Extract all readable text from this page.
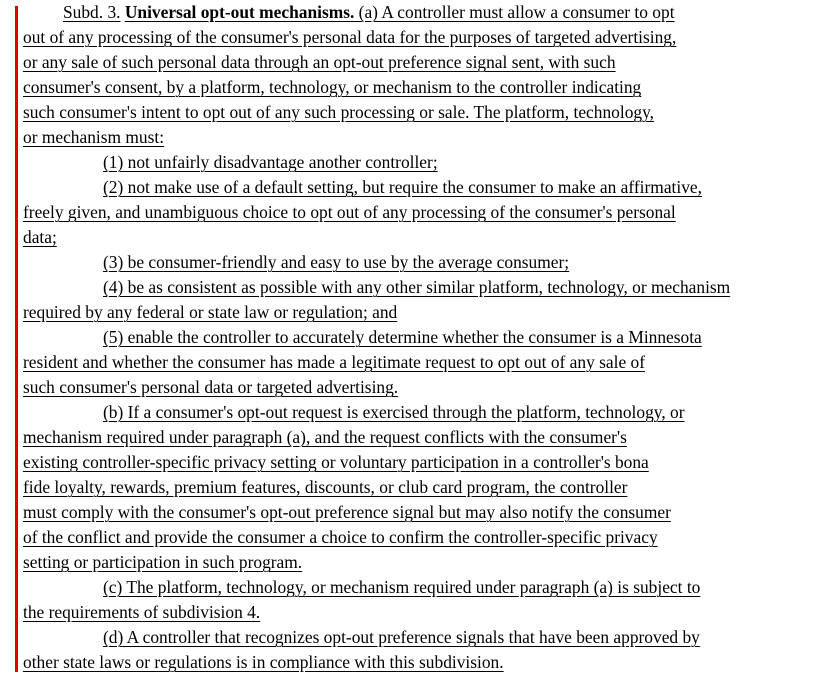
Subd. 3. Universal opt-out mechanisms. (a) A controller must allow a consumer to opt
out of any processing of the consumer's personal data for the purposes of targeted advertising,
or any sale of such personal data through an opt-out preference signal sent, with such
consumer's consent, by a platform, technology, or mechanism to the controller indicating
such consumer's intent to opt out of any such processing or sale. The platform, technology,
or mechanism must:
(1) not unfairly disadvantage another controller;
(2) not make use of a default setting, but require the consumer to make an affirmative,
freely given, and unambiguous choice to opt out of any processing of the consumer's personal
data;
(3) be consumer-friendly and easy to use by the average consumer;
(4) be as consistent as possible with any other similar platform, technology, or mechanism
required by any federal or state law or regulation; and
(5) enable the controller to accurately determine whether the consumer is a Minnesota
resident and whether the consumer has made a legitimate request to opt out of any sale of
such consumer's personal data or targeted advertising.
(b) If a consumer's opt-out request is exercised through the platform, technology, or
mechanism required under paragraph (a), and the request conflicts with the consumer's
existing controller-specific privacy setting or voluntary participation in a controller's bona
fide loyalty, rewards, premium features, discounts, or club card program, the controller
must comply with the consumer's opt-out preference signal but may also notify the consumer
of the conflict and provide the consumer a choice to confirm the controller-specific privacy
setting or participation in such program.
(c) The platform, technology, or mechanism required under paragraph (a) is subject to
the requirements of subdivision 4.
(d) A controller that recognizes opt-out preference signals that have been approved by
other state laws or regulations is in compliance with this subdivision.
